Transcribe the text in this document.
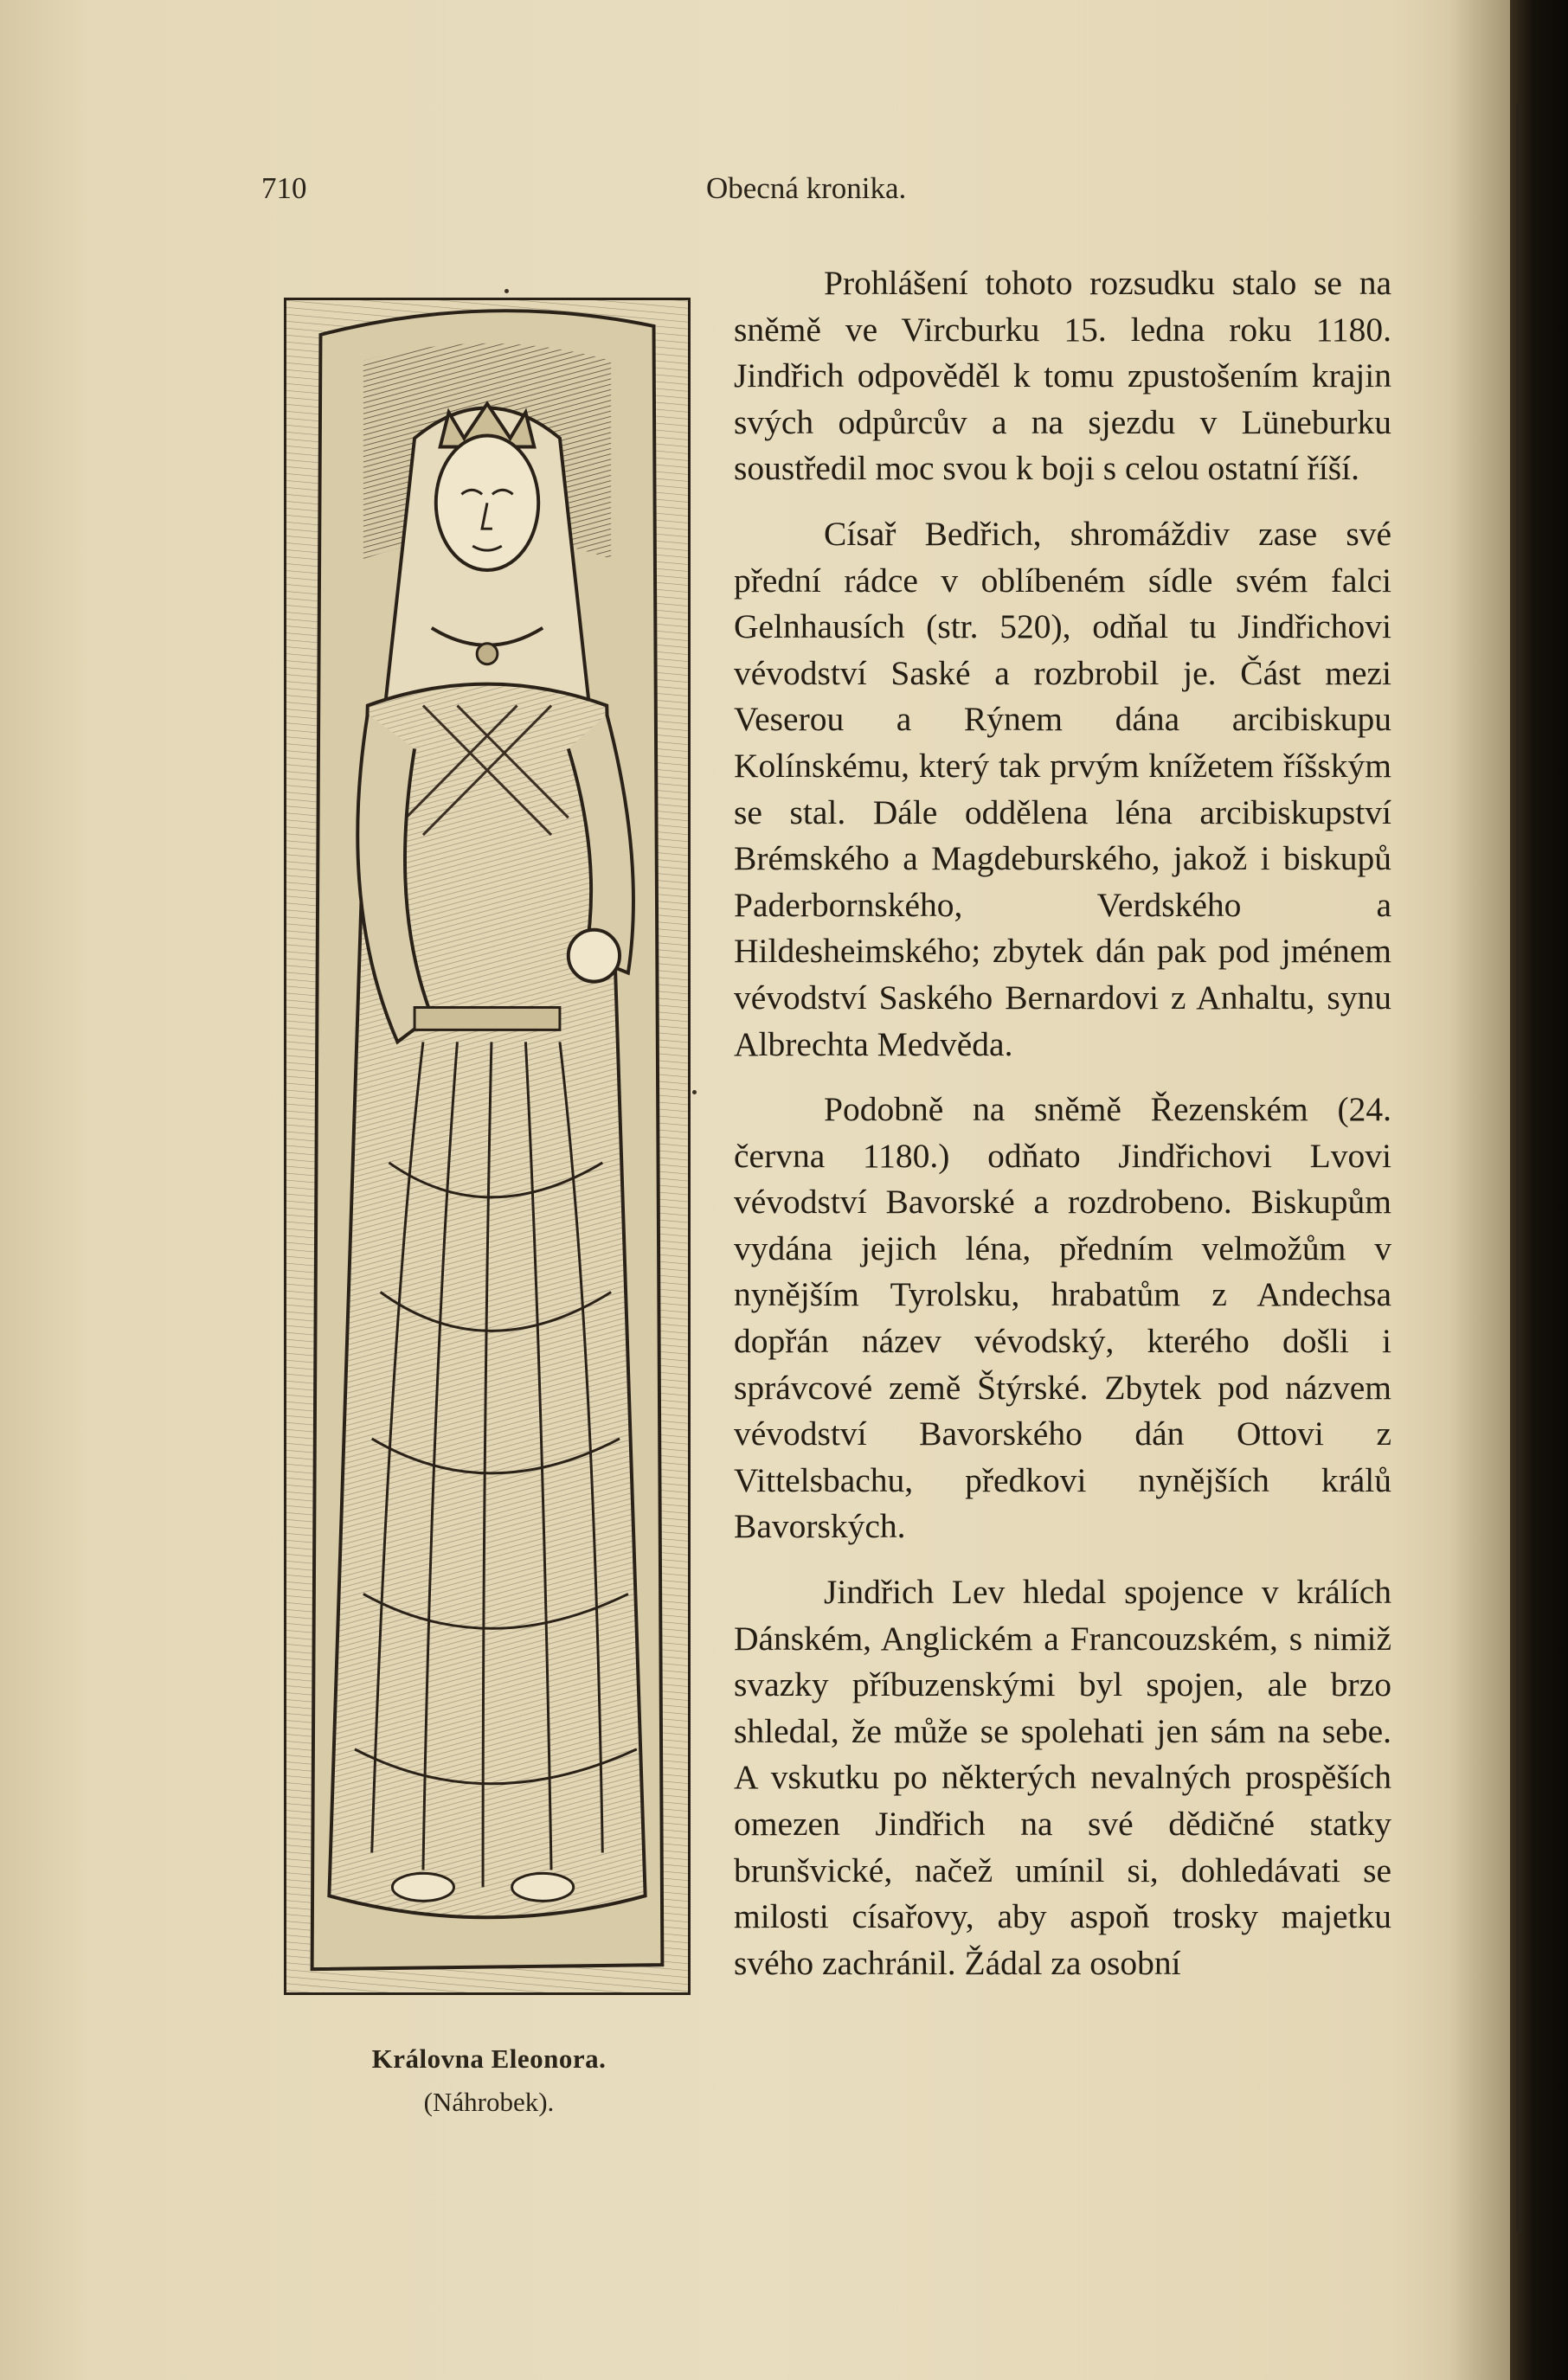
710	Obecná kronika.
Královna Eleonora.
(Náhrobek).

Prohlášení tohoto rozsudku stalo se na sněmě ve Vircburku 15. ledna roku 1180. Jindřich odpověděl k tomu zpustošením krajin svých odpůrcův a na sjezdu v Lüneburku soustředil moc svou k boji s celou ostatní říší.

Císař Bedřich, shromáždiv zase své přední rádce v oblíbeném sídle svém falci Gelnhausích (str. 520), odňal tu Jindřichovi vévodství Saské a rozbrobil je. Část mezi Veserou a Rýnem dána arcibiskupu Kolínskému, který tak prvým knížetem říšským se stal. Dále oddělena léna arcibiskupství Brémského a Magdeburského, jakož i biskupů Paderbornského, Verdského a Hildesheimského; zbytek dán pak pod jménem vévodství Saského Bernardovi z Anhaltu, synu Albrechta Medvěda.

Podobně na sněmě Řezenském (24. června 1180.) odňato Jindřichovi Lvovi vévodství Bavorské a rozdrobeno. Biskupům vydána jejich léna, předním velmožům v nynějším Tyrolsku, hrabatům z Andechsa dopřán název vévodský, kterého došli i správcové země Štýrské. Zbytek pod názvem vévodství Bavorského dán Ottovi z Vittelsbachu, předkovi nynějších králů Bavorských.

Jindřich Lev hledal spojence v králích Dánském, Anglickém a Francouzském, s nimiž svazky příbuzenskými byl spojen, ale brzo shledal, že může se spolehati jen sám na sebe. A vskutku po některých nevalných prospěších omezen Jindřich na své dědičné statky brunšvické, načež umínil si, dohledávati se milosti císařovy, aby aspoň trosky majetku svého zachránil. Žádal za osobní
